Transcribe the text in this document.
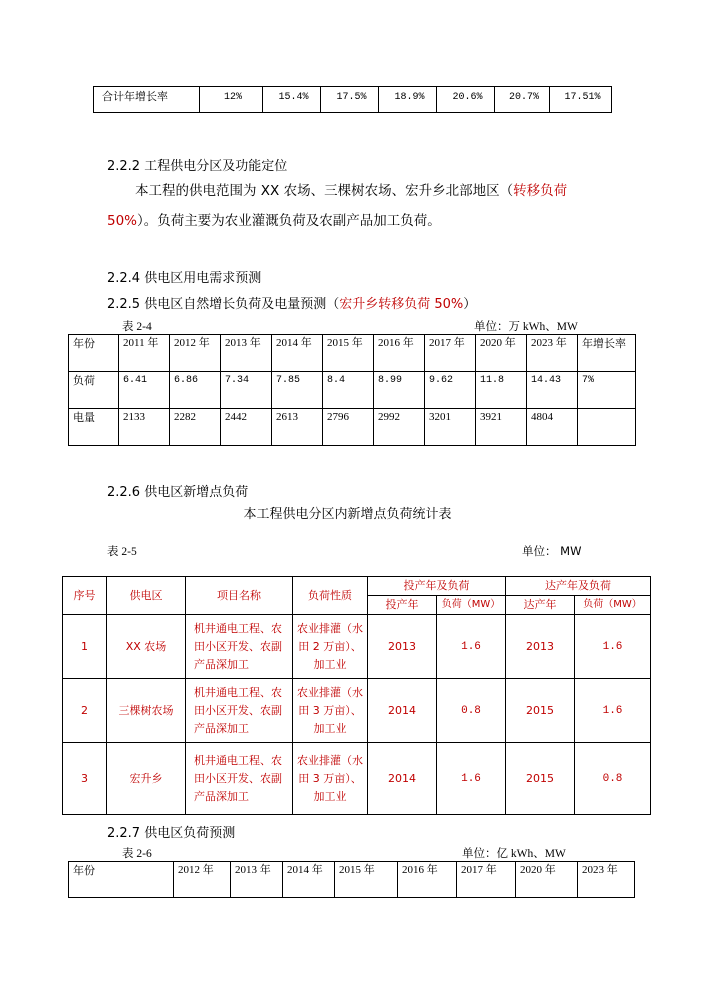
合计年增长率	12%	15.4%	17.5%	18.9%	20.6%	20.7%	17.51%
2.2.2 工程供电分区及功能定位
本工程的供电范围为 XX 农场、三棵树农场、宏升乡北部地区（转移负荷 50%）。负荷主要为农业灌溉负荷及农副产品加工负荷。
2.2.4 供电区用电需求预测
2.2.5 供电区自然增长负荷及电量预测（宏升乡转移负荷 50%）
表 2-4	单位：万 kWh、MW
年份	2011 年	2012 年	2013 年	2014 年	2015 年	2016 年	2017 年	2020 年	2023 年	年增长率
负荷	6.41	6.86	7.34	7.85	8.4	8.99	9.62	11.8	14.43	7%
电量	2133	2282	2442	2613	2796	2992	3201	3921	4804	
2.2.6 供电区新增点负荷
本工程供电分区内新增点负荷统计表
表 2-5	单位： MW
序号	供电区	项目名称	负荷性质	投产年及负荷		达产年及负荷	
				投产年	负荷（MW）	达产年	负荷（MW）
1	XX 农场	机井通电工程、农田小区开发、农副产品深加工	农业排灌（水田 2 万亩）、加工业	2013	1.6	2013	1.6
2	三棵树农场	机井通电工程、农田小区开发、农副产品深加工	农业排灌（水田 3 万亩）、加工业	2014	0.8	2015	1.6
3	宏升乡	机井通电工程、农田小区开发、农副产品深加工	农业排灌（水田 3 万亩）、加工业	2014	1.6	2015	0.8
2.2.7 供电区负荷预测
表 2-6	单位：亿 kWh、MW
年份	2012 年	2013 年	2014 年	2015 年	2016 年	2017 年	2020 年	2023 年
